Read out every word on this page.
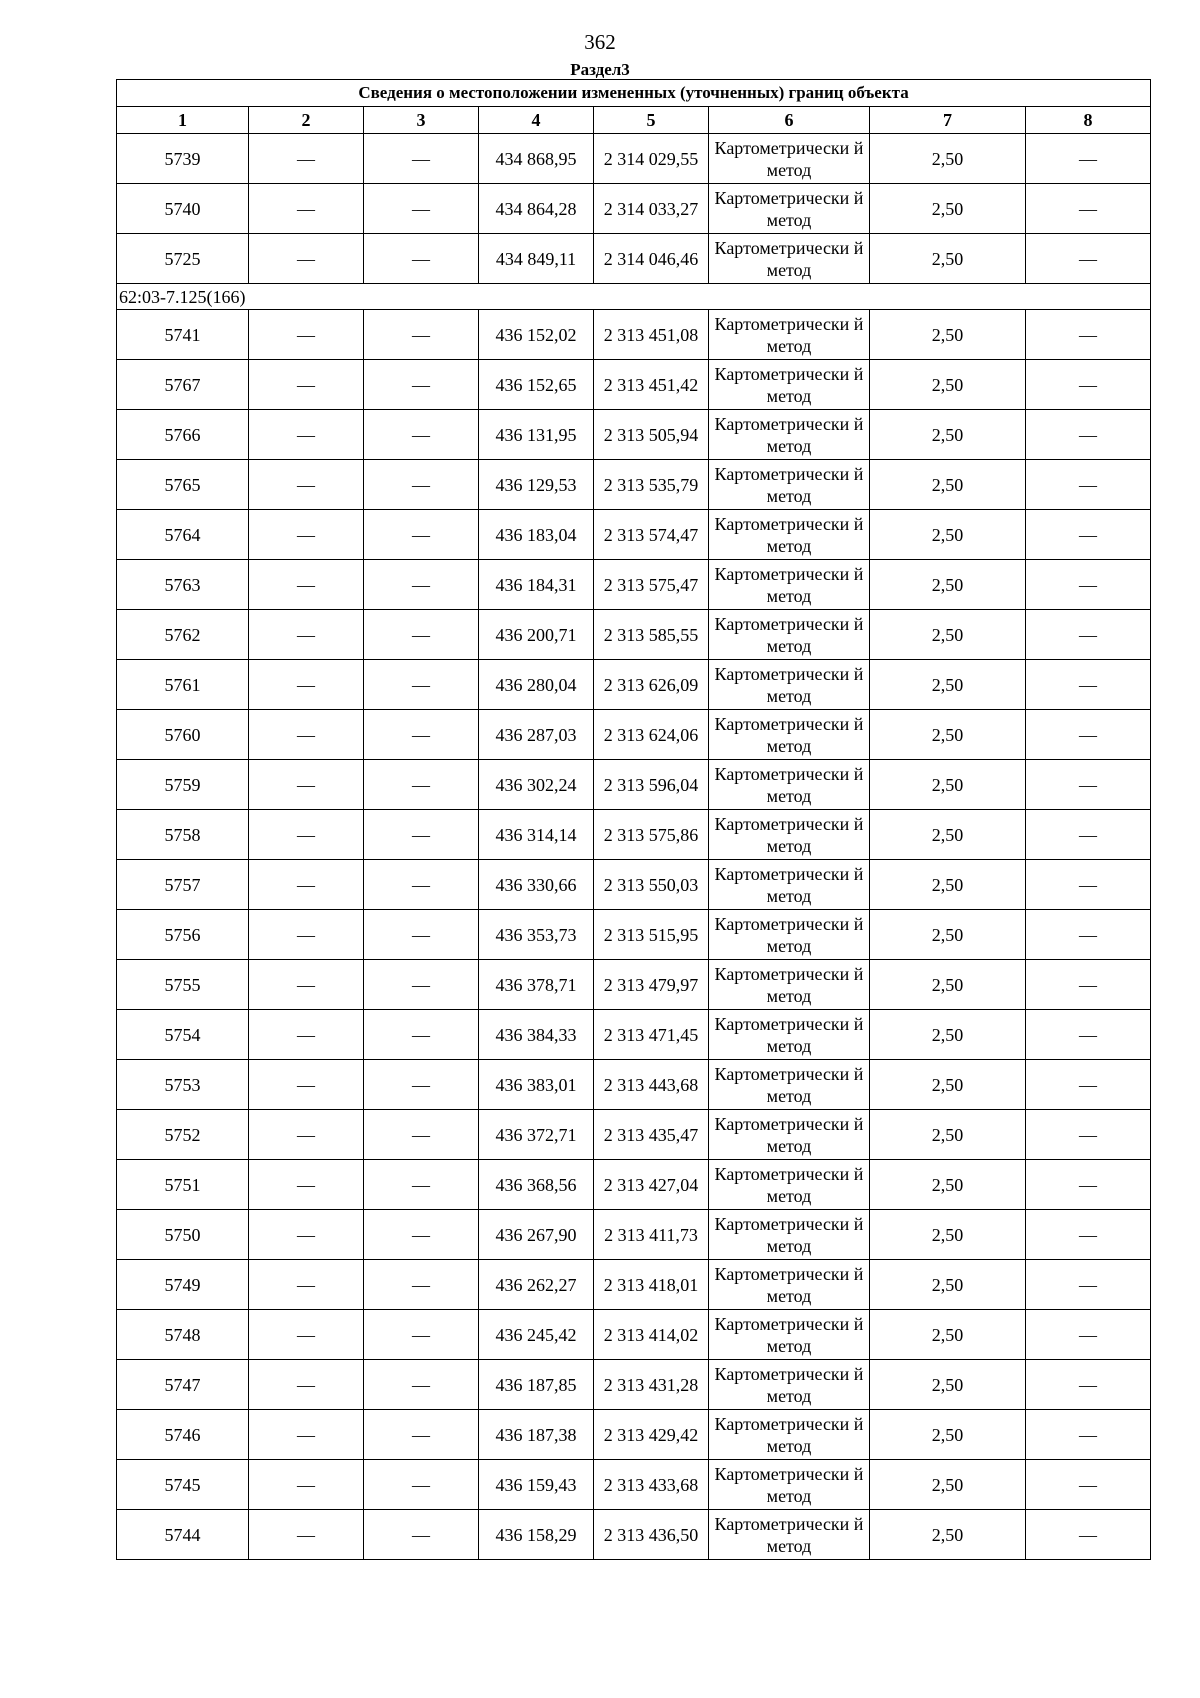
362
Раздел3
Сведения о местоположении измененных (уточненных) границ объекта							
1	2	3	4	5	6	7	8
5739	—	—	434 868,95	2 314 029,55	Картометрически й метод	2,50	—
5740	—	—	434 864,28	2 314 033,27	Картометрически й метод	2,50	—
5725	—	—	434 849,11	2 314 046,46	Картометрически й метод	2,50	—
62:03-7.125(166)							
5741	—	—	436 152,02	2 313 451,08	Картометрически й метод	2,50	—
5767	—	—	436 152,65	2 313 451,42	Картометрически й метод	2,50	—
5766	—	—	436 131,95	2 313 505,94	Картометрически й метод	2,50	—
5765	—	—	436 129,53	2 313 535,79	Картометрически й метод	2,50	—
5764	—	—	436 183,04	2 313 574,47	Картометрически й метод	2,50	—
5763	—	—	436 184,31	2 313 575,47	Картометрически й метод	2,50	—
5762	—	—	436 200,71	2 313 585,55	Картометрически й метод	2,50	—
5761	—	—	436 280,04	2 313 626,09	Картометрически й метод	2,50	—
5760	—	—	436 287,03	2 313 624,06	Картометрически й метод	2,50	—
5759	—	—	436 302,24	2 313 596,04	Картометрически й метод	2,50	—
5758	—	—	436 314,14	2 313 575,86	Картометрически й метод	2,50	—
5757	—	—	436 330,66	2 313 550,03	Картометрически й метод	2,50	—
5756	—	—	436 353,73	2 313 515,95	Картометрически й метод	2,50	—
5755	—	—	436 378,71	2 313 479,97	Картометрически й метод	2,50	—
5754	—	—	436 384,33	2 313 471,45	Картометрически й метод	2,50	—
5753	—	—	436 383,01	2 313 443,68	Картометрически й метод	2,50	—
5752	—	—	436 372,71	2 313 435,47	Картометрически й метод	2,50	—
5751	—	—	436 368,56	2 313 427,04	Картометрически й метод	2,50	—
5750	—	—	436 267,90	2 313 411,73	Картометрически й метод	2,50	—
5749	—	—	436 262,27	2 313 418,01	Картометрически й метод	2,50	—
5748	—	—	436 245,42	2 313 414,02	Картометрически й метод	2,50	—
5747	—	—	436 187,85	2 313 431,28	Картометрически й метод	2,50	—
5746	—	—	436 187,38	2 313 429,42	Картометрически й метод	2,50	—
5745	—	—	436 159,43	2 313 433,68	Картометрически й метод	2,50	—
5744	—	—	436 158,29	2 313 436,50	Картометрически й метод	2,50	—
